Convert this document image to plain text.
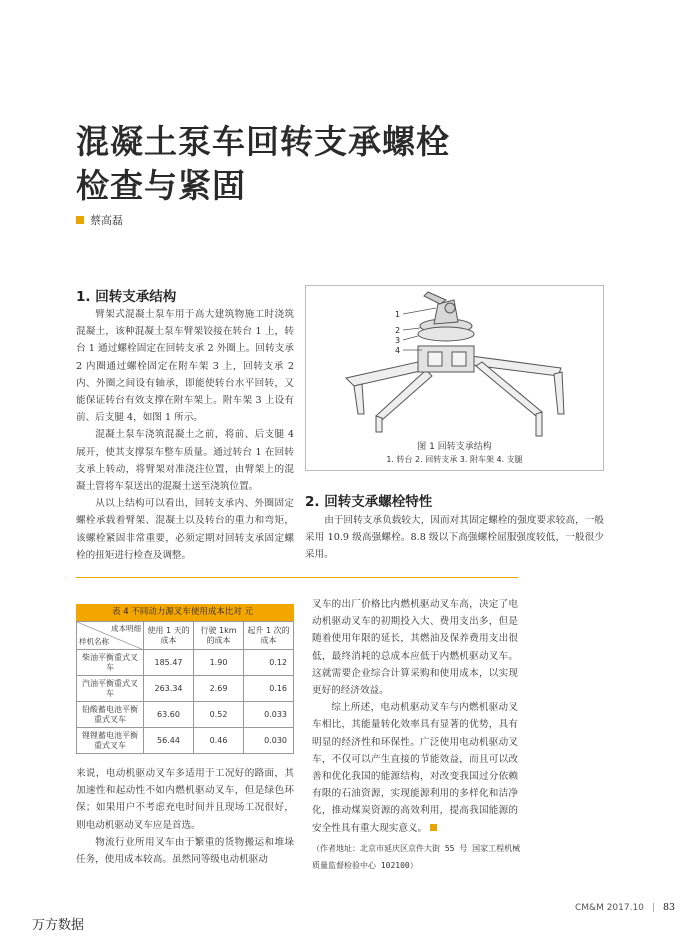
混凝土泵车回转支承螺栓
检查与紧固
蔡高磊
1. 回转支承结构

臂架式混凝土泵车用于高大建筑物施工时浇筑混凝土，该种混凝土泵车臂架铰接在转台 1 上，转台 1 通过螺栓固定在回转支承 2 外圈上。回转支承 2 内圈通过螺栓固定在附车架 3 上，回转支承 2 内、外圈之间设有轴承，即能使转台水平回转，又能保证转台有效支撑在附车架上。附车架 3 上设有前、后支腿 4，如图 1 所示。

混凝土泵车浇筑混凝土之前，将前、后支腿 4 展开，使其支撑泵车整车质量。通过转台 1 在回转支承上转动，将臂架对准浇注位置，由臂架上的混凝土管将车泵送出的混凝土送至浇筑位置。

从以上结构可以看出，回转支承内、外圈固定螺栓承载着臂架、混凝土以及转台的重力和弯矩，该螺栓紧固非常重要，必须定期对回转支承固定螺栓的扭矩进行检查及调整。

1
2
3
4
图 1 回转支承结构
1. 转台 2. 回转支承 3. 附车架 4. 支腿
2. 回转支承螺栓特性

由于回转支承负载较大，因而对其固定螺栓的强度要求较高，一般采用 10.9 级高强螺栓。8.8 级以下高强螺栓屈服强度较低，一般很少采用。

表 4 不同动力源叉车使用成本比对 元
成本明细
样机名称	使用 1 天的成本	行驶 1km 的成本	起升 1 次的成本
柴油平衡重式叉车	185.47	1.90	0.12
汽油平衡重式叉车	263.34	2.69	0.16
铅酸蓄电池平衡重式叉车	63.60	0.52	0.033
锂锂蓄电池平衡重式叉车	56.44	0.46	0.030

来说，电动机驱动叉车多适用于工况好的路面，其加速性和起动性不如内燃机驱动叉车，但是绿色环保；如果用户不考虑充电时间并且现场工况很好，则电动机驱动叉车应是首选。

物流行业所用叉车由于繁重的货物搬运和堆垛任务，使用成本较高。虽然同等级电动机驱动

叉车的出厂价格比内燃机驱动叉车高，决定了电动机驱动叉车的初期投入大、费用支出多，但是随着使用年限的延长，其燃油及保养费用支出很低，最终消耗的总成本应低于内燃机驱动叉车。这就需要企业综合计算采购和使用成本，以实现更好的经济效益。

综上所述，电动机驱动叉车与内燃机驱动叉车相比，其能量转化效率具有显著的优势，具有明显的经济性和环保性。广泛使用电动机驱动叉车，不仅可以产生直接的节能效益，而且可以改善和优化我国的能源结构，对改变我国过分依赖有限的石油资源，实现能源利用的多样化和洁净化，推动煤炭资源的高效利用，提高我国能源的安全性具有重大现实意义。

（作者地址：北京市延庆区京件大街 55 号 国家工程机械质量监督检验中心 102100）
CM&M 2017.10 | 83
万方数据
